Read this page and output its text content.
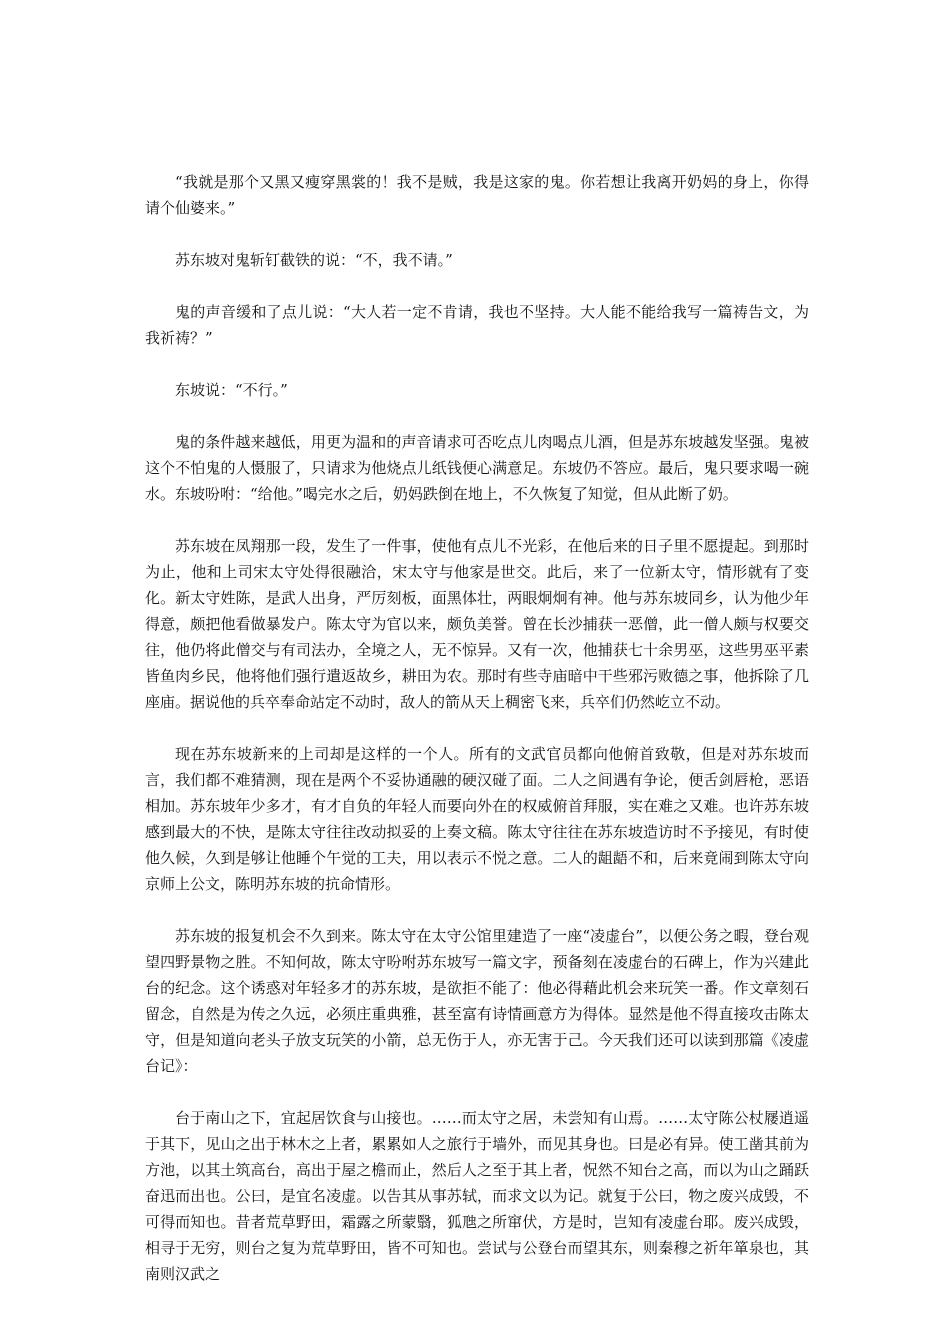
“我就是那个又黑又瘦穿黑裳的！我不是贼，我是这家的鬼。你若想让我离开奶妈的身上，你得请个仙婆来。”

苏东坡对鬼斩钉截铁的说：“不，我不请。”

鬼的声音缓和了点儿说：“大人若一定不肯请，我也不坚持。大人能不能给我写一篇祷告文，为我祈祷？”

东坡说：“不行。”

鬼的条件越来越低，用更为温和的声音请求可否吃点儿肉喝点儿酒，但是苏东坡越发坚强。鬼被这个不怕鬼的人慑服了，只请求为他烧点儿纸钱便心满意足。东坡仍不答应。最后，鬼只要求喝一碗水。东坡吩咐：“给他。”喝完水之后，奶妈跌倒在地上，不久恢复了知觉，但从此断了奶。

苏东坡在凤翔那一段，发生了一件事，使他有点儿不光彩，在他后来的日子里不愿提起。到那时为止，他和上司宋太守处得很融洽，宋太守与他家是世交。此后，来了一位新太守，情形就有了变化。新太守姓陈，是武人出身，严厉刻板，面黑体壮，两眼炯炯有神。他与苏东坡同乡，认为他少年得意，颇把他看做暴发户。陈太守为官以来，颇负美誉。曾在长沙捕获一恶僧，此一僧人颇与权要交往，他仍将此僧交与有司法办，全境之人，无不惊异。又有一次，他捕获七十余男巫，这些男巫平素皆鱼肉乡民，他将他们强行遣返故乡，耕田为农。那时有些寺庙暗中干些邪污败德之事，他拆除了几座庙。据说他的兵卒奉命站定不动时，敌人的箭从天上稠密飞来，兵卒们仍然屹立不动。

现在苏东坡新来的上司却是这样的一个人。所有的文武官员都向他俯首致敬，但是对苏东坡而言，我们都不难猜测，现在是两个不妥协通融的硬汉碰了面。二人之间遇有争论，便舌剑唇枪，恶语相加。苏东坡年少多才，有才自负的年轻人而要向外在的权威俯首拜服，实在难之又难。也许苏东坡感到最大的不快，是陈太守往往改动拟妥的上奏文稿。陈太守往往在苏东坡造访时不予接见，有时使他久候，久到是够让他睡个午觉的工夫，用以表示不悦之意。二人的龃龉不和，后来竟闹到陈太守向京师上公文，陈明苏东坡的抗命情形。

苏东坡的报复机会不久到来。陈太守在太守公馆里建造了一座“凌虚台”，以便公务之暇，登台观望四野景物之胜。不知何故，陈太守吩咐苏东坡写一篇文字，预备刻在凌虚台的石碑上，作为兴建此台的纪念。这个诱惑对年轻多才的苏东坡，是欲拒不能了：他必得藉此机会来玩笑一番。作文章刻石留念，自然是为传之久远，必须庄重典雅，甚至富有诗情画意方为得体。显然是他不得直接攻击陈太守，但是知道向老头子放支玩笑的小箭，总无伤于人，亦无害于己。今天我们还可以读到那篇《凌虚台记》：

台于南山之下，宜起居饮食与山接也。……而太守之居，未尝知有山焉。……太守陈公杖屦逍遥于其下，见山之出于林木之上者，累累如人之旅行于墙外，而见其身也。曰是必有异。使工凿其前为方池，以其土筑高台，高出于屋之檐而止，然后人之至于其上者，怳然不知台之高，而以为山之踊跃奋迅而出也。公曰，是宜名凌虚。以告其从事苏轼，而求文以为记。就复于公曰，物之废兴成毁，不可得而知也。昔者荒草野田，霜露之所蒙翳，狐虺之所窜伏，方是时，岂知有凌虚台耶。废兴成毁，相寻于无穷，则台之复为荒草野田，皆不可知也。尝试与公登台而望其东，则秦穆之祈年箪泉也，其南则汉武之
